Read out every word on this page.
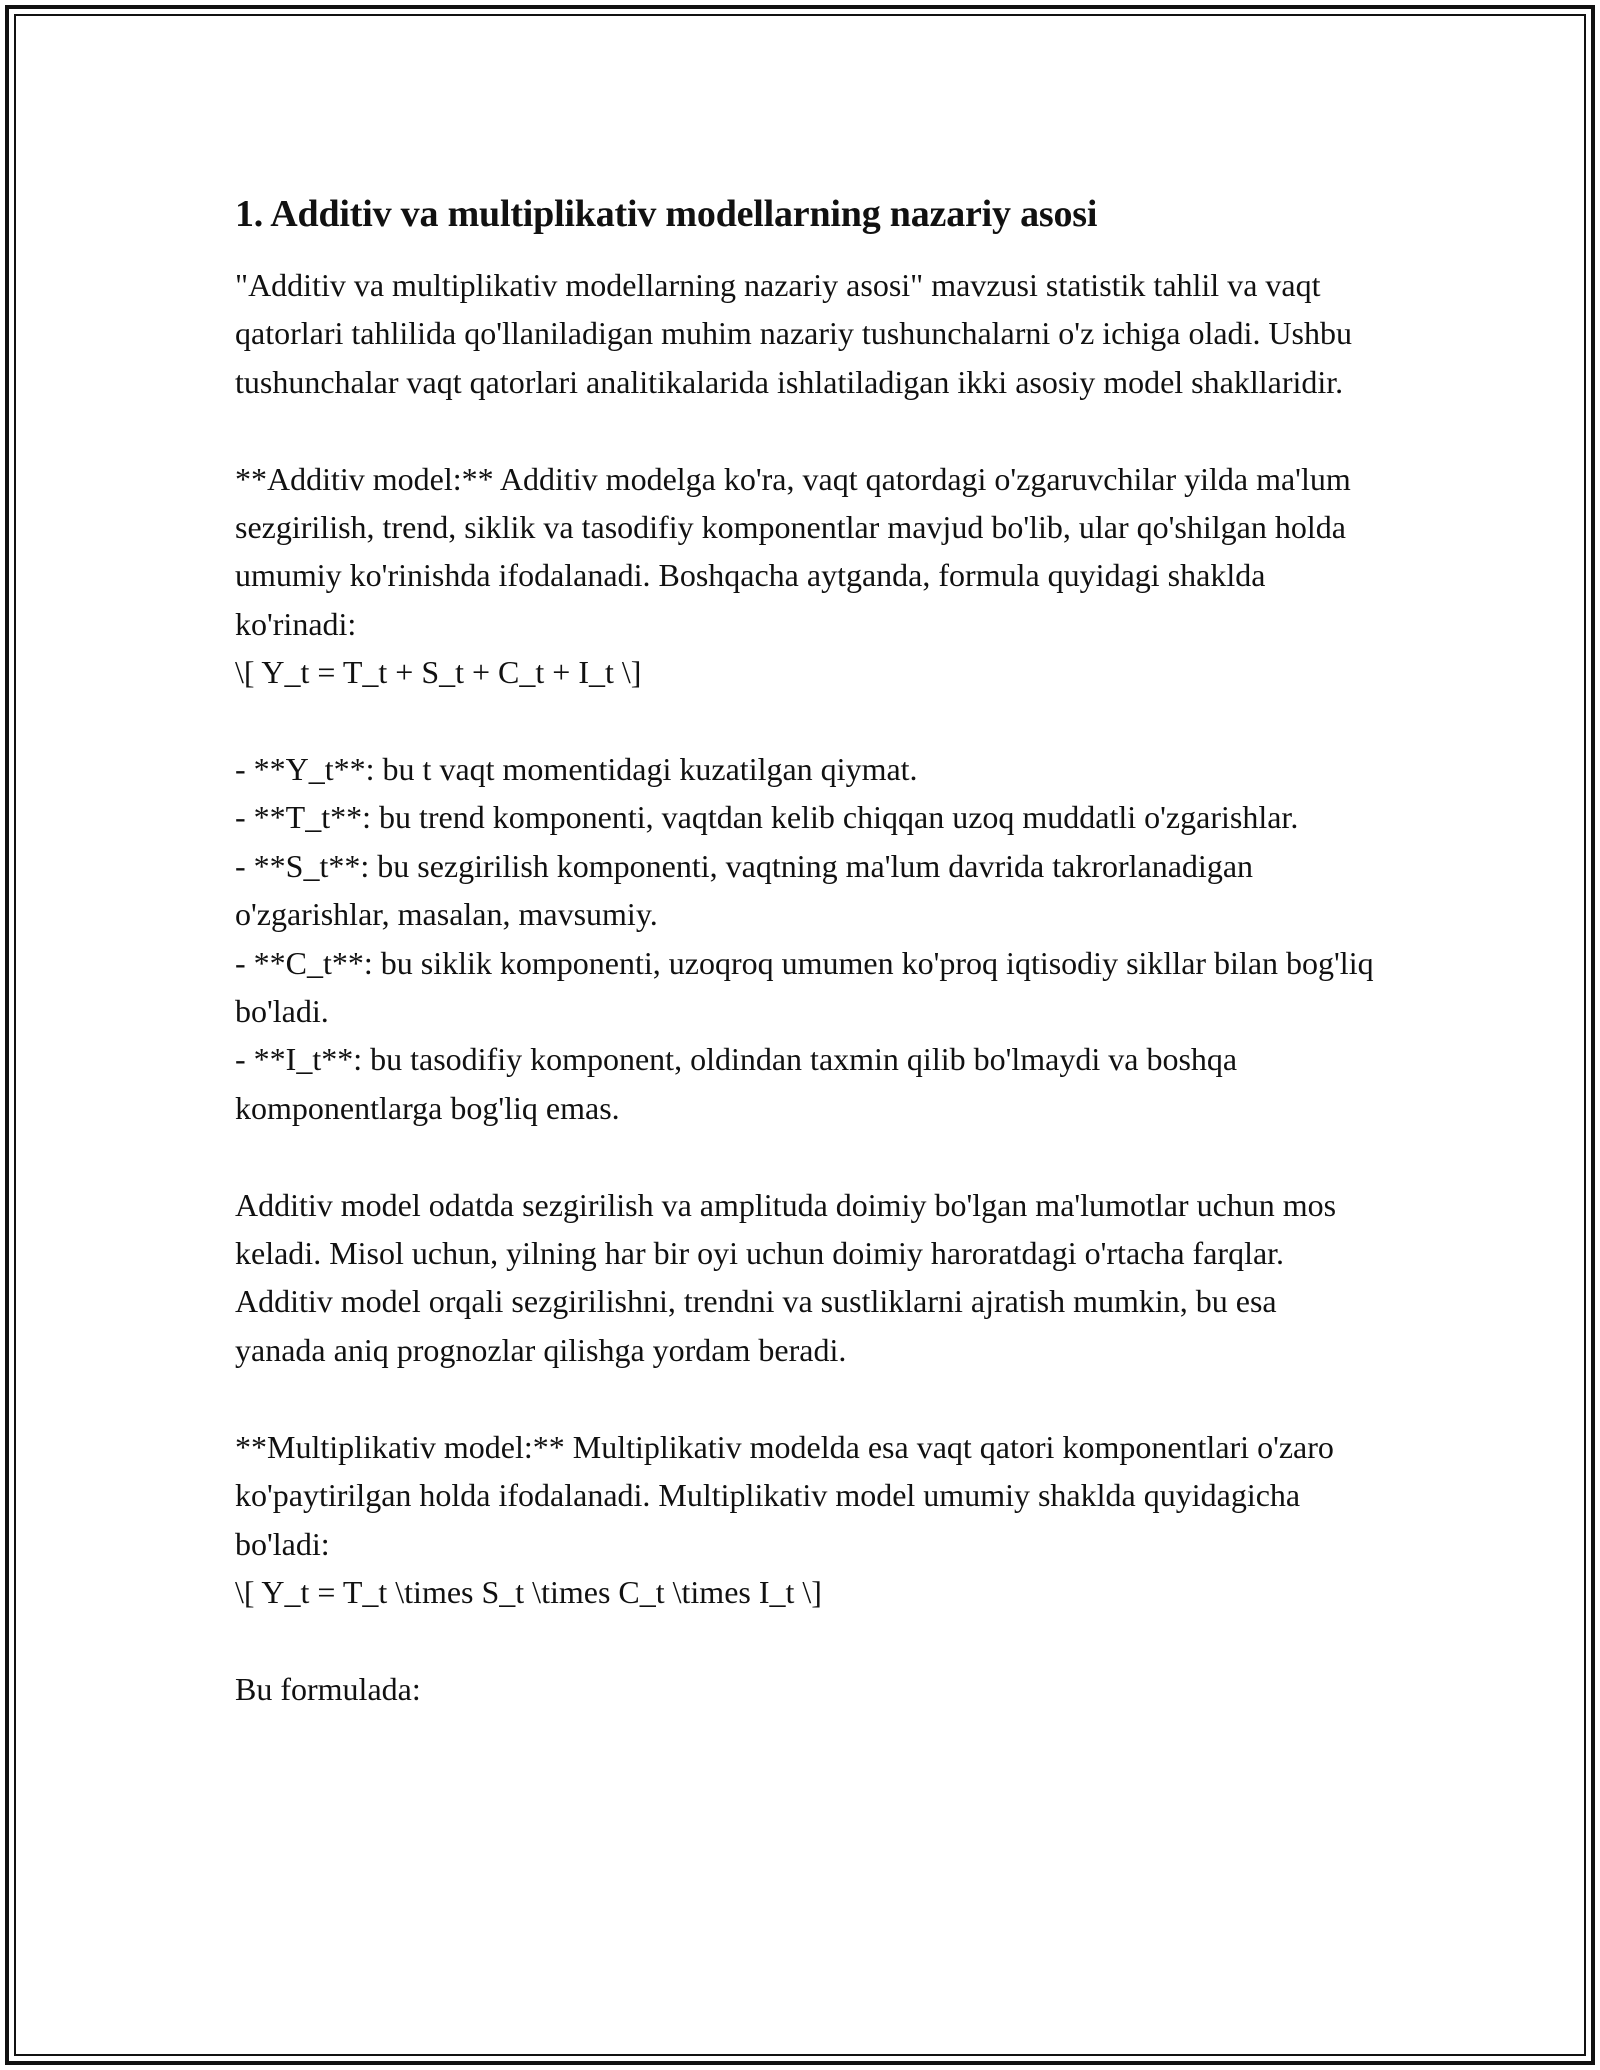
1. Additiv va multiplikativ modellarning nazariy asosi

"Additiv va multiplikativ modellarning nazariy asosi" mavzusi statistik tahlil va vaqt qatorlari tahlilida qo'llaniladigan muhim nazariy tushunchalarni o'z ichiga oladi. Ushbu tushunchalar vaqt qatorlari analitikalarida ishlatiladigan ikki asosiy model shakllaridir.

**Additiv model:** Additiv modelga ko'ra, vaqt qatordagi o'zgaruvchilar yilda ma'lum sezgirilish, trend, siklik va tasodifiy komponentlar mavjud bo'lib, ular qo'shilgan holda umumiy ko'rinishda ifodalanadi. Boshqacha aytganda, formula quyidagi shaklda ko'rinadi:

\[ Y_t = T_t + S_t + C_t + I_t \]

- **Y_t**: bu t vaqt momentidagi kuzatilgan qiymat.

- **T_t**: bu trend komponenti, vaqtdan kelib chiqqan uzoq muddatli o'zgarishlar.

- **S_t**: bu sezgirilish komponenti, vaqtning ma'lum davrida takrorlanadigan o'zgarishlar, masalan, mavsumiy.

- **C_t**: bu siklik komponenti, uzoqroq umumen ko'proq iqtisodiy sikllar bilan bog'liq bo'ladi.

- **I_t**: bu tasodifiy komponent, oldindan taxmin qilib bo'lmaydi va boshqa komponentlarga bog'liq emas.

Additiv model odatda sezgirilish va amplituda doimiy bo'lgan ma'lumotlar uchun mos keladi. Misol uchun, yilning har bir oyi uchun doimiy haroratdagi o'rtacha farqlar. Additiv model orqali sezgirilishni, trendni va sustliklarni ajratish mumkin, bu esa yanada aniq prognozlar qilishga yordam beradi.

**Multiplikativ model:** Multiplikativ modelda esa vaqt qatori komponentlari o'zaro ko'paytirilgan holda ifodalanadi. Multiplikativ model umumiy shaklda quyidagicha bo'ladi:

\[ Y_t = T_t \times S_t \times C_t \times I_t \]

Bu formulada:
